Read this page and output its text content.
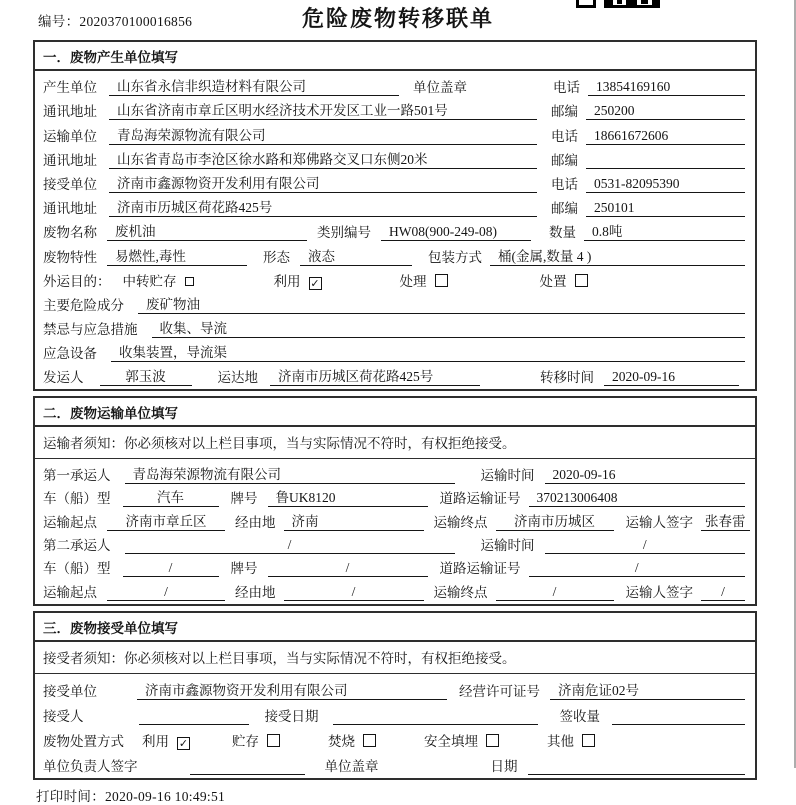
编号：2020370100016856	危险废物转移联单
一．废物产生单位填写
产生单位	山东省永信非织造材料有限公司	单位盖章	电话	13854169160
通讯地址	山东省济南市章丘区明水经济技术开发区工业一路501号	邮编	250200
运输单位	青岛海荣源物流有限公司	电话	18661672606
通讯地址	山东省青岛市李沧区徐水路和郑佛路交叉口东侧20米	邮编
接受单位	济南市鑫源物资开发利用有限公司	电话	0531-82095390
通讯地址	济南市历城区荷花路425号	邮编	250101
废物名称	废机油	类别编号	HW08(900-249-08)	数量	0.8吨
废物特性	易燃性,毒性	形态	液态	包装方式	桶(金属,数量 4 )
外运目的： 中转贮存	利用 ✓	处理	处置
主要危险成分	废矿物油
禁忌与应急措施	收集、导流
应急设备	收集装置，导流渠
发运人	郭玉波	运达地	济南市历城区荷花路425号	转移时间	2020-09-16
二．废物运输单位填写
运输者须知：你必须核对以上栏目事项，当与实际情况不符时，有权拒绝接受。
第一承运人	青岛海荣源物流有限公司	运输时间	2020-09-16
车（船）型	汽车	牌号	鲁UK8120	道路运输证号	370213006408
运输起点	济南市章丘区	经由地	济南	运输终点	济南市历城区	运输人签字 张春雷
第二承运人	/	运输时间	/
车（船）型	/	牌号	/	道路运输证号	/
运输起点	/	经由地	/	运输终点	/	运输人签字	/
三．废物接受单位填写
接受者须知：你必须核对以上栏目事项，当与实际情况不符时，有权拒绝接受。
接受单位	济南市鑫源物资开发利用有限公司	经营许可证号	济南危证02号
接受人	接受日期	签收量
废物处置方式 利用 ✓	贮存	焚烧	安全填埋	其他
单位负责人签字	单位盖章	日期
打印时间：2020-09-16 10:49:51
